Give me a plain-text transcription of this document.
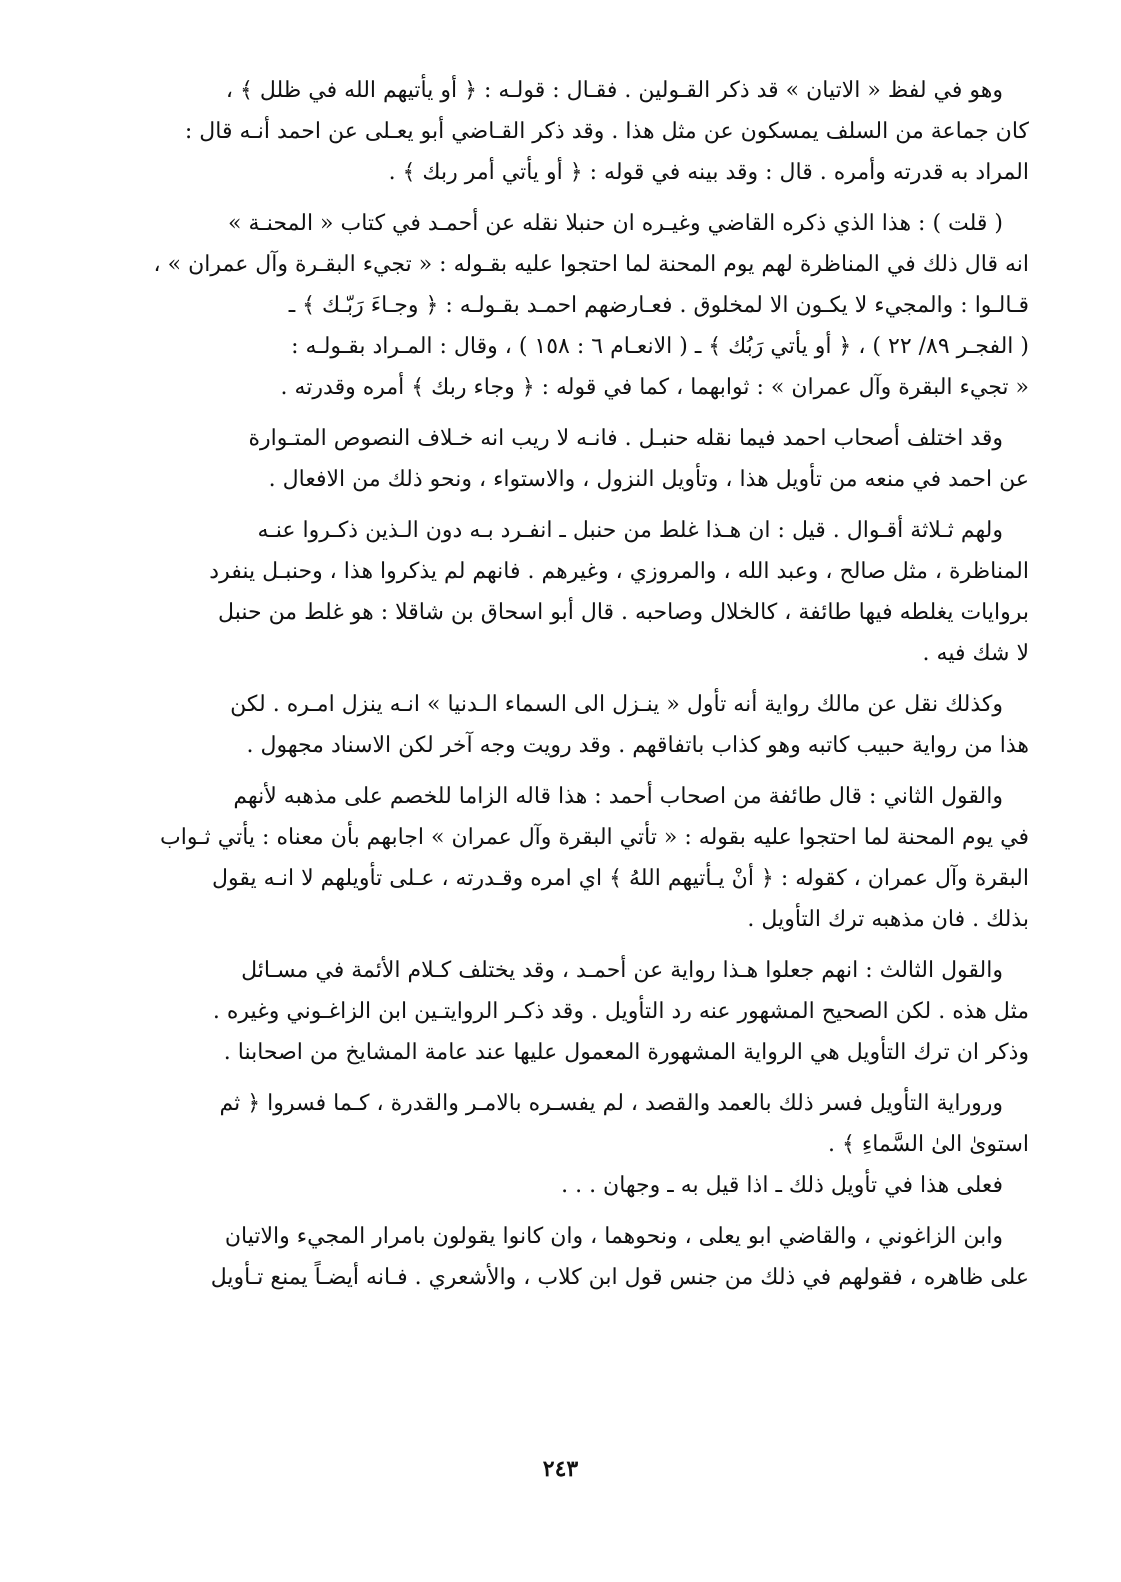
وهو في لفظ « الاتيان » قد ذكر القـولين . فقـال : قولـه : ﴿ أو يأتيهم الله في ظلل ﴾ ،
كان جماعة من السلف يمسكون عن مثل هذا . وقد ذكر القـاضي أبو يعـلى عن احمد أنـه قال :
المراد به قدرته وأمره . قال : وقد بينه في قوله : ﴿ أو يأتي أمر ربك ﴾ .
( قلت ) : هذا الذي ذكره القاضي وغيـره ان حنبلا نقله عن أحمـد في كتاب « المحنـة »
انه قال ذلك في المناظرة لهم يوم المحنة لما احتجوا عليه بقـوله : « تجيء البقـرة وآل عمران » ،
قـالـوا : والمجيء لا يكـون الا لمخلوق . فعـارضهم احمـد بقـولـه : ﴿ وجـاءَ رَبّـك ﴾ ـ
( الفجـر ٨٩/ ٢٢ ) ، ﴿ أو يأتي رَبُك ﴾ ـ ( الانعـام ٦ : ١٥٨ ) ، وقال : المـراد بقـولـه :
« تجيء البقرة وآل عمران » : ثوابهما ، كما في قوله : ﴿ وجاء ربك ﴾ أمره وقدرته .
وقد اختلف أصحاب احمد فيما نقله حنبـل . فانـه لا ريب انه خـلاف النصوص المتـوارة
عن احمد في منعه من تأويل هذا ، وتأويل النزول ، والاستواء ، ونحو ذلك من الافعال .
ولهم ثـلاثة أقـوال . قيل : ان هـذا غلط من حنبل ـ انفـرد بـه دون الـذين ذكـروا عنـه
المناظرة ، مثل صالح ، وعبد الله ، والمروزي ، وغيرهم . فانهم لم يذكروا هذا ، وحنبـل ينفرد
بروايات يغلطه فيها طائفة ، كالخلال وصاحبه . قال أبو اسحاق بن شاقلا : هو غلط من حنبل
لا شك فيه .
وكذلك نقل عن مالك رواية أنه تأول « ينـزل الى السماء الـدنيا » انـه ينزل امـره . لكن
هذا من رواية حبيب كاتبه وهو كذاب باتفاقهم . وقد رويت وجه آخر لكن الاسناد مجهول .
والقول الثاني : قال طائفة من اصحاب أحمد : هذا قاله الزاما للخصم على مذهبه لأنهم
في يوم المحنة لما احتجوا عليه بقوله : « تأتي البقرة وآل عمران » اجابهم بأن معناه : يأتي ثـواب
البقرة وآل عمران ، كقوله : ﴿ أنْ يـأتيهم اللهُ ﴾ اي امره وقـدرته ، عـلى تأويلهم لا انـه يقول
بذلك . فان مذهبه ترك التأويل .
والقول الثالث : انهم جعلوا هـذا رواية عن أحمـد ، وقد يختلف كـلام الأئمة في مسـائل
مثل هذه . لكن الصحيح المشهور عنه رد التأويل . وقد ذكـر الروايتـين ابن الزاغـوني وغيره .
وذكر ان ترك التأويل هي الرواية المشهورة المعمول عليها عند عامة المشايخ من اصحابنا .
وروراية التأويل فسر ذلك بالعمد والقصد ، لم يفسـره بالامـر والقدرة ، كـما فسروا ﴿ ثم
استوىٰ الىٰ السَّماءِ ﴾ .
فعلى هذا في تأويل ذلك ـ اذا قيل به ـ وجهان . . .
وابن الزاغوني ، والقاضي ابو يعلى ، ونحوهما ، وان كانوا يقولون بامرار المجيء والاتيان
على ظاهره ، فقولهم في ذلك من جنس قول ابن كلاب ، والأشعري . فـانه أيضـاً يمنع تـأويل
٢٤٣
